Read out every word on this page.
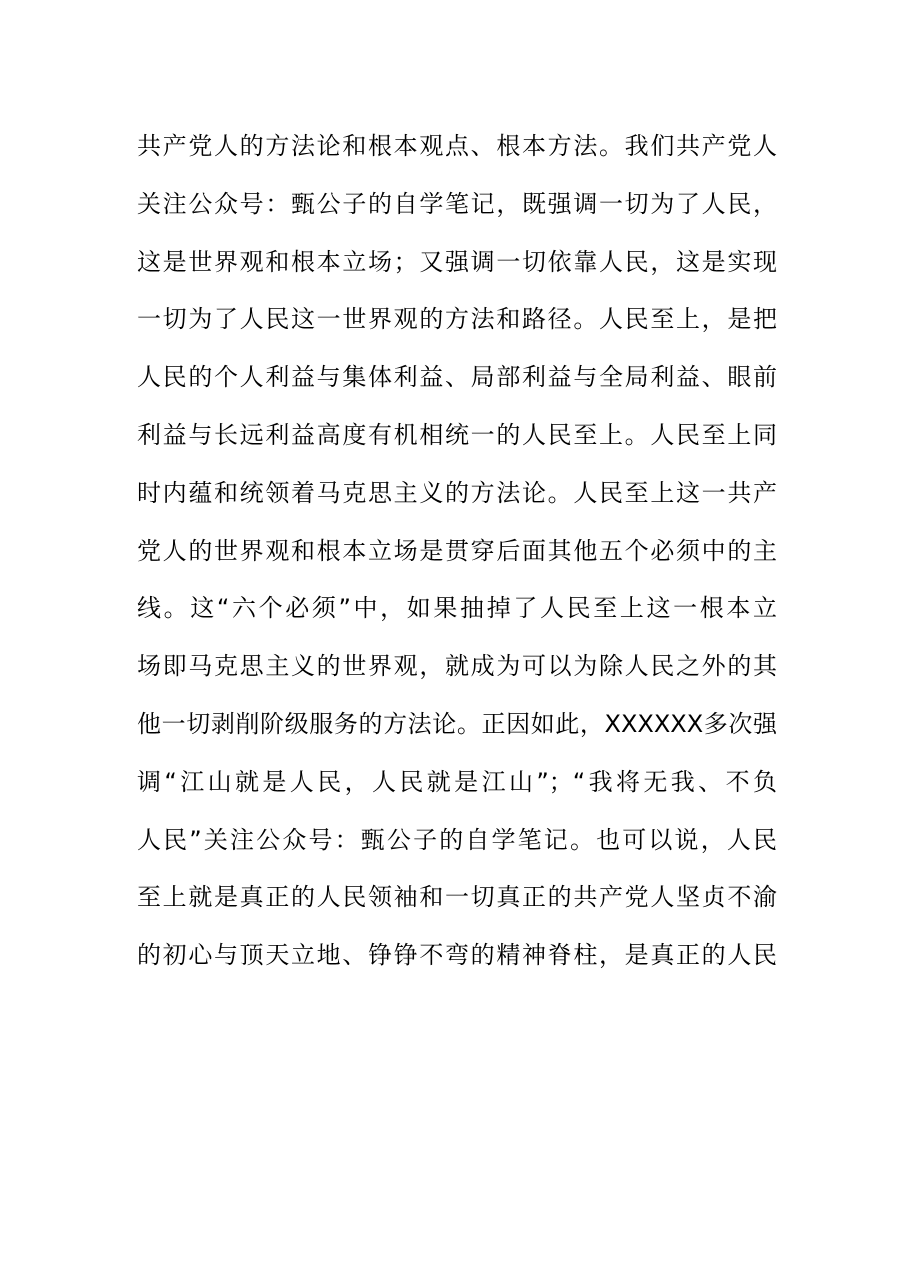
共产党人的方法论和根本观点、根本方法。我们共产党人
关注公众号：甄公子的自学笔记，既强调一切为了人民，
这是世界观和根本立场；又强调一切依靠人民，这是实现
一切为了人民这一世界观的方法和路径。人民至上，是把
人民的个人利益与集体利益、局部利益与全局利益、眼前
利益与长远利益高度有机相统一的人民至上。人民至上同
时内蕴和统领着马克思主义的方法论。人民至上这一共产
党人的世界观和根本立场是贯穿后面其他五个必须中的主
线。这“六个必须”中，如果抽掉了人民至上这一根本立
场即马克思主义的世界观，就成为可以为除人民之外的其
他一切剥削阶级服务的方法论。正因如此，XXXXXX多次强
调“江山就是人民，人民就是江山”；“我将无我、不负
人民”关注公众号：甄公子的自学笔记。也可以说，人民
至上就是真正的人民领袖和一切真正的共产党人坚贞不渝
的初心与顶天立地、铮铮不弯的精神脊柱，是真正的人民
